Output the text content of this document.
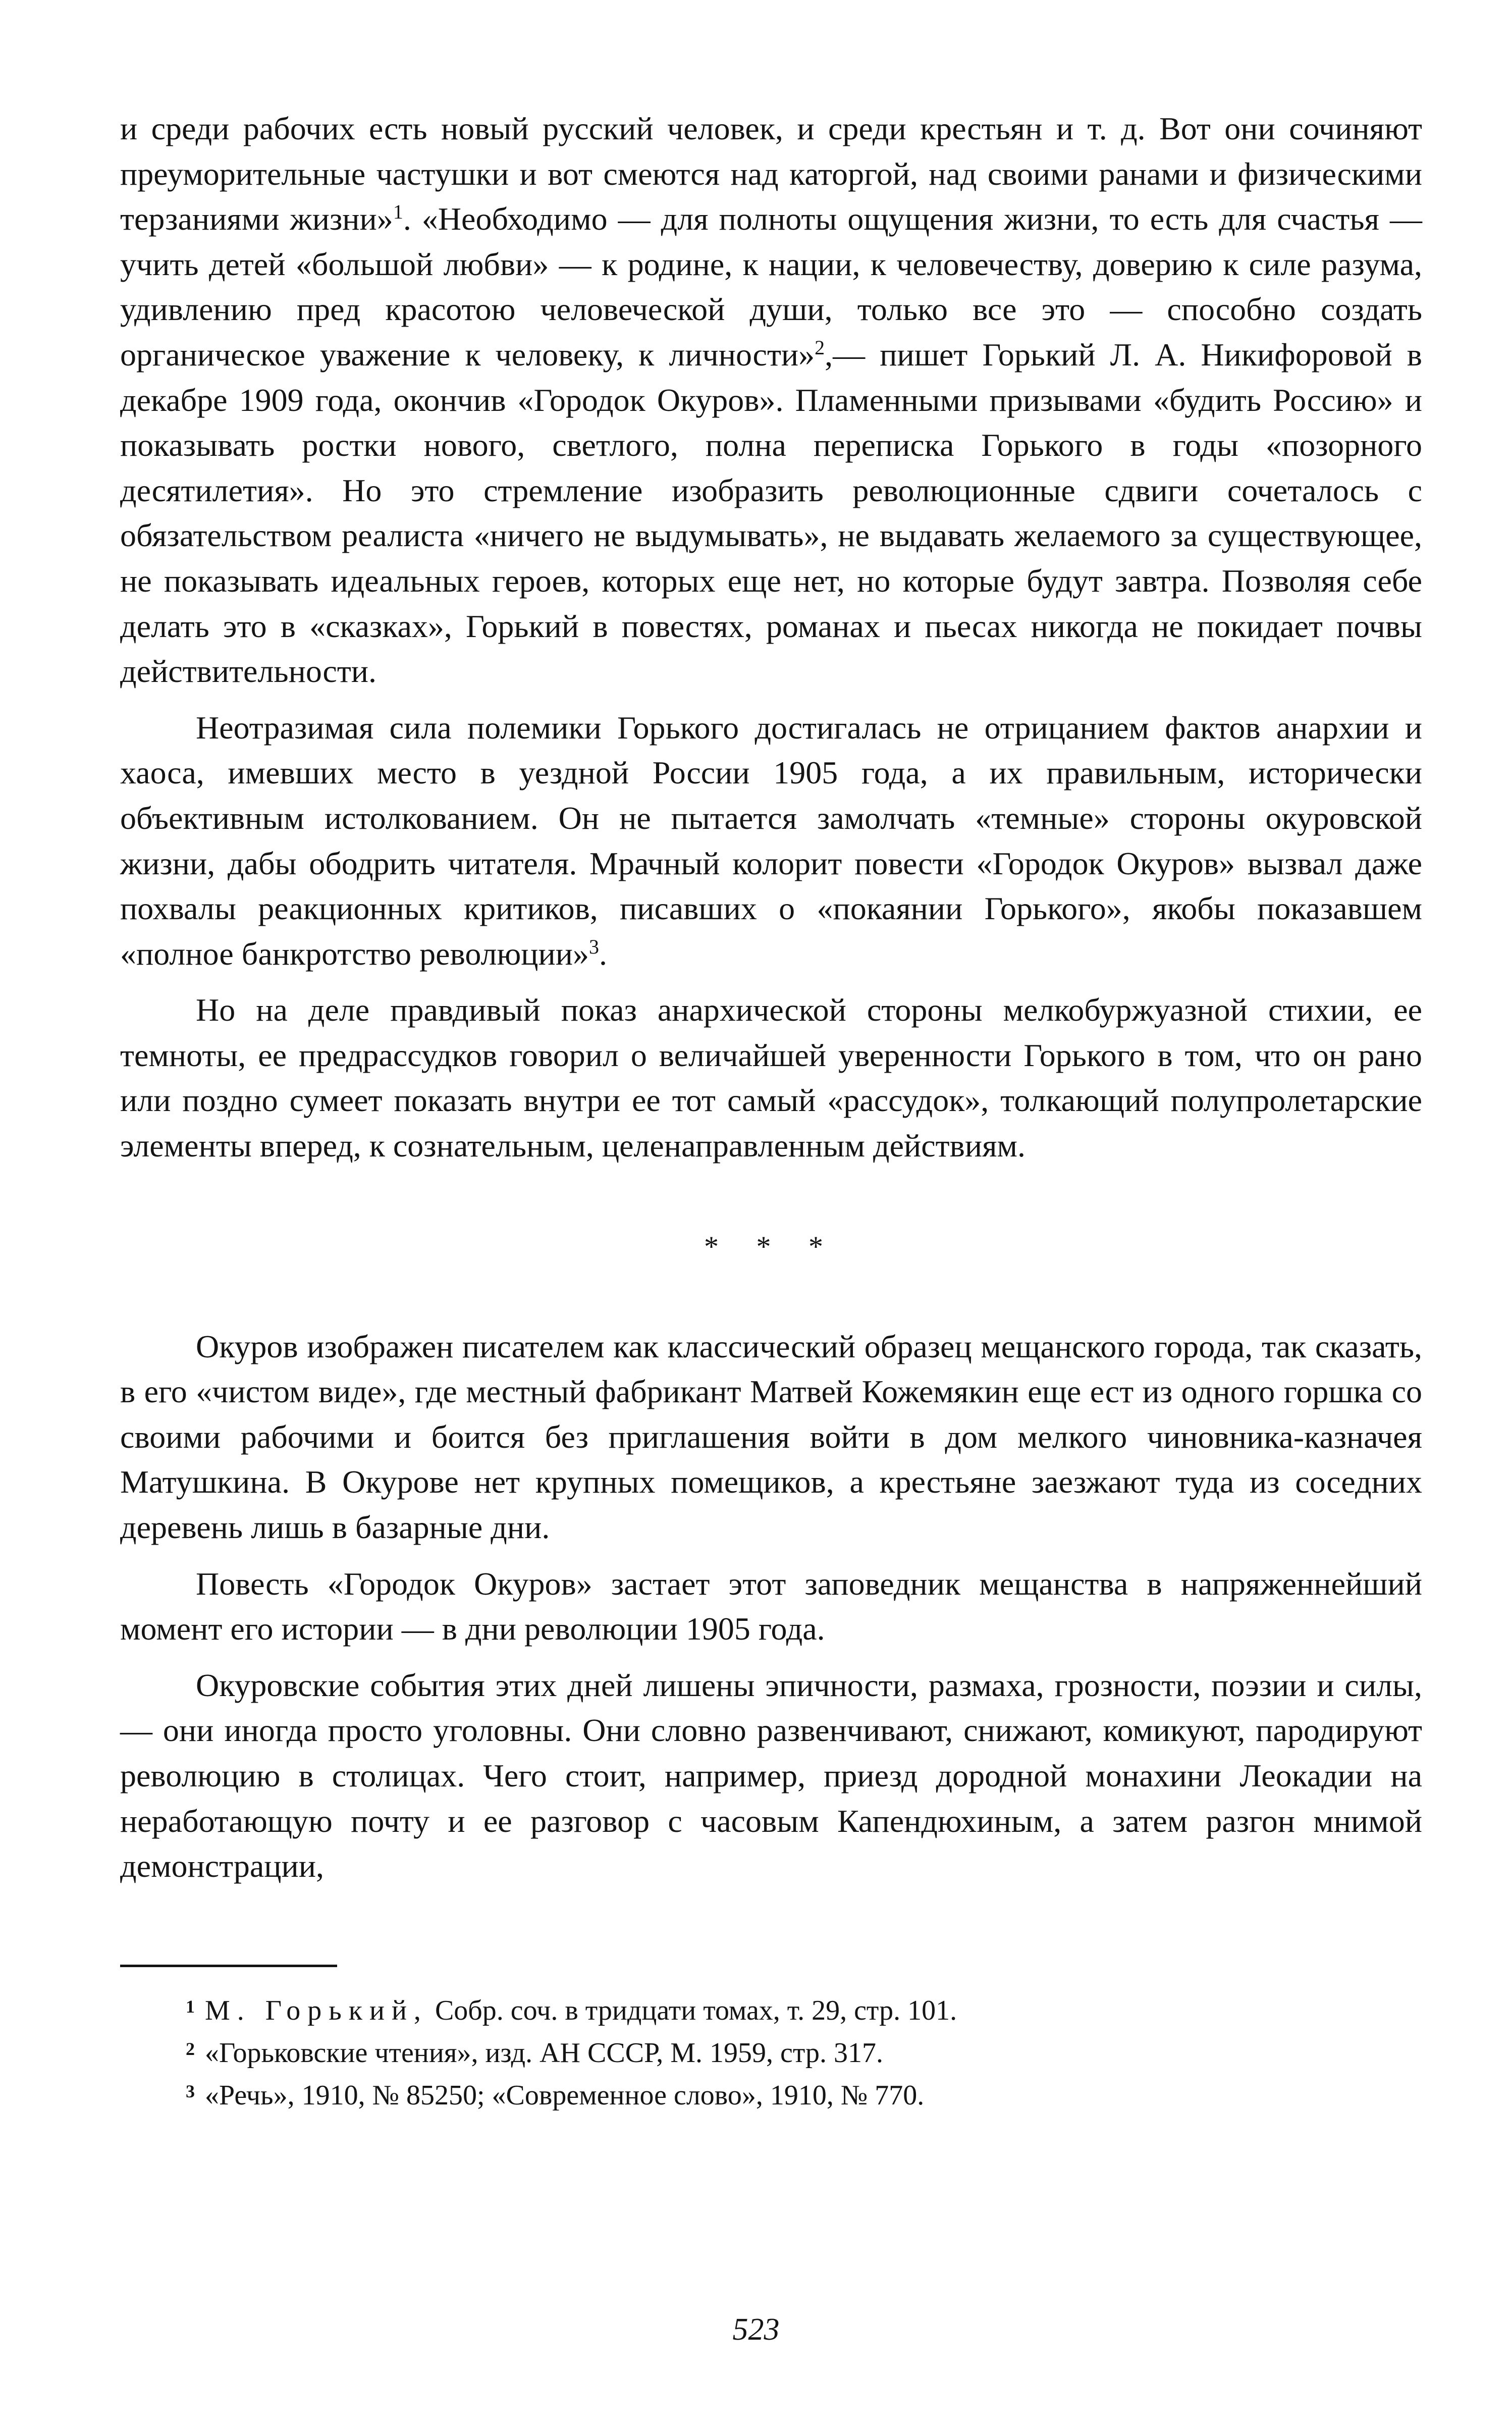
и среди рабочих есть новый русский человек, и среди крестьян и т. д. Вот они сочиняют преуморительные частушки и вот смеются над каторгой, над своими ранами и физическими терзаниями жизни»$^1$. «Необходимо — для полноты ощущения жизни, то есть для счастья — учить детей «большой любви» — к родине, к нации, к человечеству, доверию к силе разума, удивлению пред красотою человеческой души, только все это — способно создать органическое уважение к человеку, к личности»$^2$,— пишет Горький Л. А. Никифоровой в декабре 1909 года, окончив «Городок Окуров». Пламенными призывами «будить Россию» и показывать ростки нового, светлого, полна переписка Горького в годы «позорного десятилетия». Но это стремление изобразить революционные сдвиги сочеталось с обязательством реалиста «ничего не выдумывать», не выдавать желаемого за существующее, не показывать идеальных героев, которых еще нет, но которые будут завтра. Позволяя себе делать это в «сказках», Горький в повестях, романах и пьесах никогда не покидает почвы действительности.

Неотразимая сила полемики Горького достигалась не отрицанием фактов анархии и хаоса, имевших место в уездной России 1905 года, а их правильным, исторически объективным истолкованием. Он не пытается замолчать «темные» стороны окуровской жизни, дабы ободрить читателя. Мрачный колорит повести «Городок Окуров» вызвал даже похвалы реакционных критиков, писавших о «покаянии Горького», якобы показавшем «полное банкротство революции»$^3$.

Но на деле правдивый показ анархической стороны мелкобуржуазной стихии, ее темноты, ее предрассудков говорил о величайшей уверенности Горького в том, что он рано или поздно сумеет показать внутри ее тот самый «рассудок», толкающий полупролетарские элементы вперед, к сознательным, целенаправленным действиям.

* * *

Окуров изображен писателем как классический образец мещанского города, так сказать, в его «чистом виде», где местный фабрикант Матвей Кожемякин еще ест из одного горшка со своими рабочими и боится без приглашения войти в дом мелкого чиновника-казначея Матушкина. В Окурове нет крупных помещиков, а крестьяне заезжают туда из соседних деревень лишь в базарные дни.

Повесть «Городок Окуров» застает этот заповедник мещанства в напряженнейший момент его истории — в дни революции 1905 года.

Окуровские события этих дней лишены эпичности, размаха, грозности, поэзии и силы,— они иногда просто уголовны. Они словно развенчивают, снижают, комикуют, пародируют революцию в столицах. Чего стоит, например, приезд дородной монахини Леокадии на неработающую почту и ее разговор с часовым Капендюхиным, а затем разгон мнимой демонстрации,

$^1$ М. Горький, Собр. соч. в тридцати томах, т. 29, стр. 101.
$^2$ «Горьковские чтения», изд. АН СССР, М. 1959, стр. 317.
$^3$ «Речь», 1910, № 85250; «Современное слово», 1910, № 770.
523
